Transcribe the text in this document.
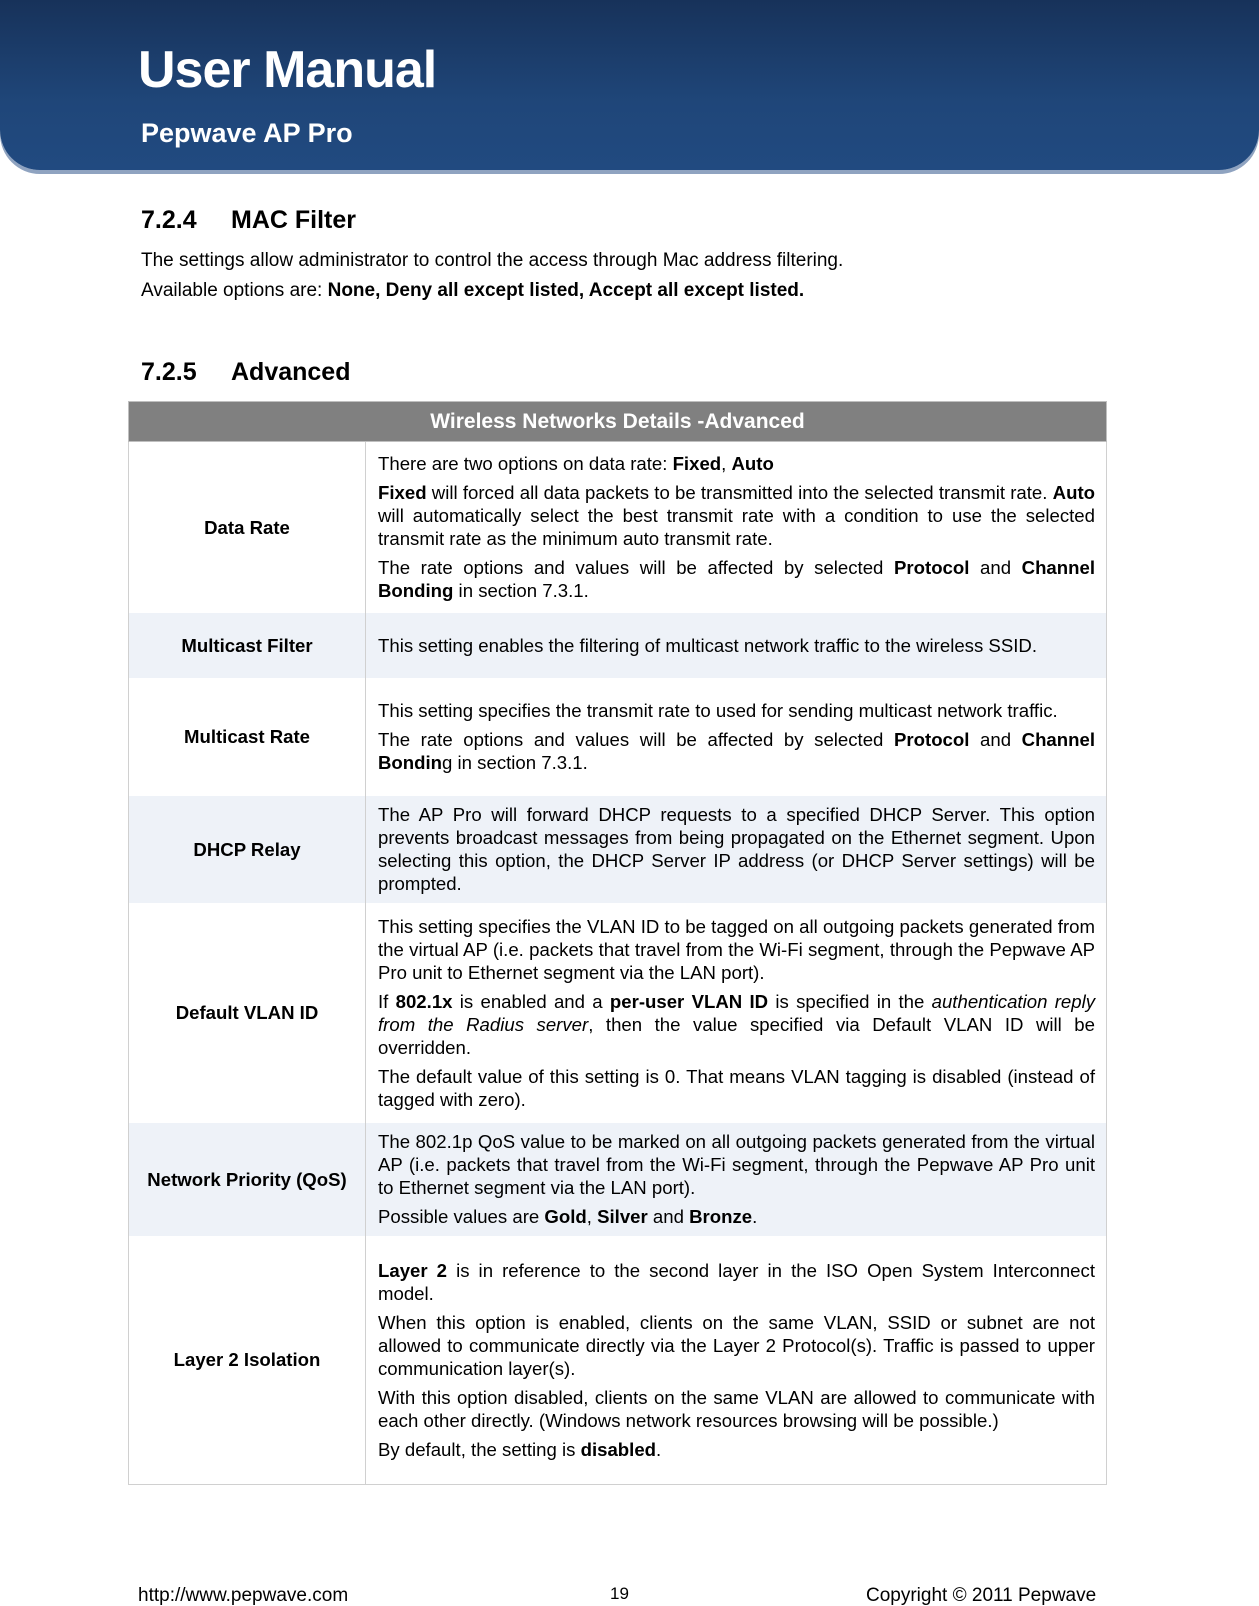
User Manual
Pepwave AP Pro
7.2.4 MAC Filter
The settings allow administrator to control the access through Mac address filtering.
Available options are: None, Deny all except listed, Accept all except listed.
7.2.5 Advanced
Wireless Networks Details -Advanced	
Data Rate	There are two options on data rate: Fixed, Auto

Fixed will forced all data packets to be transmitted into the selected transmit rate. Auto will automatically select the best transmit rate with a condition to use the selected transmit rate as the minimum auto transmit rate.

The rate options and values will be affected by selected Protocol and Channel Bonding in section 7.3.1.

Multicast Filter	This setting enables the filtering of multicast network traffic to the wireless SSID.

Multicast Rate	This setting specifies the transmit rate to used for sending multicast network traffic.

The rate options and values will be affected by selected Protocol and Channel Bonding in section 7.3.1.

DHCP Relay	The AP Pro will forward DHCP requests to a specified DHCP Server. This option prevents broadcast messages from being propagated on the Ethernet segment. Upon selecting this option, the DHCP Server IP address (or DHCP Server settings) will be prompted.

Default VLAN ID	This setting specifies the VLAN ID to be tagged on all outgoing packets generated from the virtual AP (i.e. packets that travel from the Wi-Fi segment, through the Pepwave AP Pro unit to Ethernet segment via the LAN port).

If 802.1x is enabled and a per-user VLAN ID is specified in the authentication reply from the Radius server, then the value specified via Default VLAN ID will be overridden.

The default value of this setting is 0. That means VLAN tagging is disabled (instead of tagged with zero).

Network Priority (QoS)	The 802.1p QoS value to be marked on all outgoing packets generated from the virtual AP (i.e. packets that travel from the Wi-Fi segment, through the Pepwave AP Pro unit to Ethernet segment via the LAN port).

Possible values are Gold, Silver and Bronze.

Layer 2 Isolation	Layer 2 is in reference to the second layer in the ISO Open System Interconnect model.

When this option is enabled, clients on the same VLAN, SSID or subnet are not allowed to communicate directly via the Layer 2 Protocol(s). Traffic is passed to upper communication layer(s).

With this option disabled, clients on the same VLAN are allowed to communicate with each other directly. (Windows network resources browsing will be possible.)

By default, the setting is disabled.

http://www.pepwave.com	19	Copyright © 2011 Pepwave
